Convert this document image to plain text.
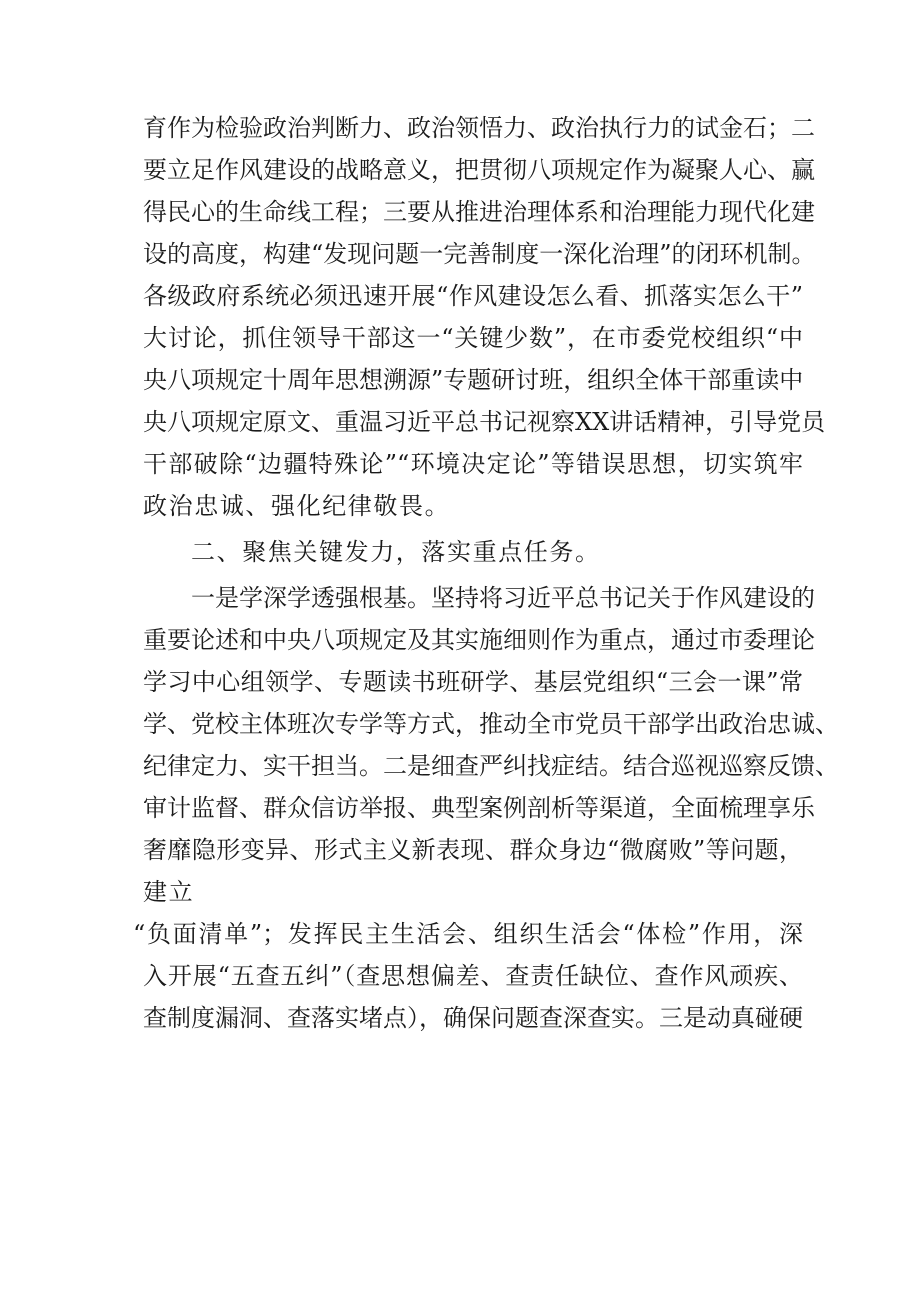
育作为检验政治判断力、政治领悟力、政治执行力的试金石；二
要立足作风建设的战略意义，把贯彻八项规定作为凝聚人心、赢
得民心的生命线工程；三要从推进治理体系和治理能力现代化建
设的高度，构建“发现问题一完善制度一深化治理”的闭环机制。
各级政府系统必须迅速开展“作风建设怎么看、抓落实怎么干”
大讨论，抓住领导干部这一“关键少数”，在市委党校组织“中
央八项规定十周年思想溯源”专题研讨班，组织全体干部重读中
央八项规定原文、重温习近平总书记视察XX讲话精神，引导党员
干部破除“边疆特殊论”“环境决定论”等错误思想，切实筑牢
政治忠诚、强化纪律敬畏。
二、聚焦关键发力，落实重点任务。
一是学深学透强根基。坚持将习近平总书记关于作风建设的
重要论述和中央八项规定及其实施细则作为重点，通过市委理论
学习中心组领学、专题读书班研学、基层党组织“三会一课”常
学、党校主体班次专学等方式，推动全市党员干部学出政治忠诚、
纪律定力、实干担当。二是细查严纠找症结。结合巡视巡察反馈、
审计监督、群众信访举报、典型案例剖析等渠道，全面梳理享乐
奢靡隐形变异、形式主义新表现、群众身边“微腐败”等问题，
建立
“负面清单”；发挥民主生活会、组织生活会“体检”作用，深
入开展“五查五纠”（查思想偏差、查责任缺位、查作风顽疾、
查制度漏洞、查落实堵点），确保问题查深查实。三是动真碰硬
